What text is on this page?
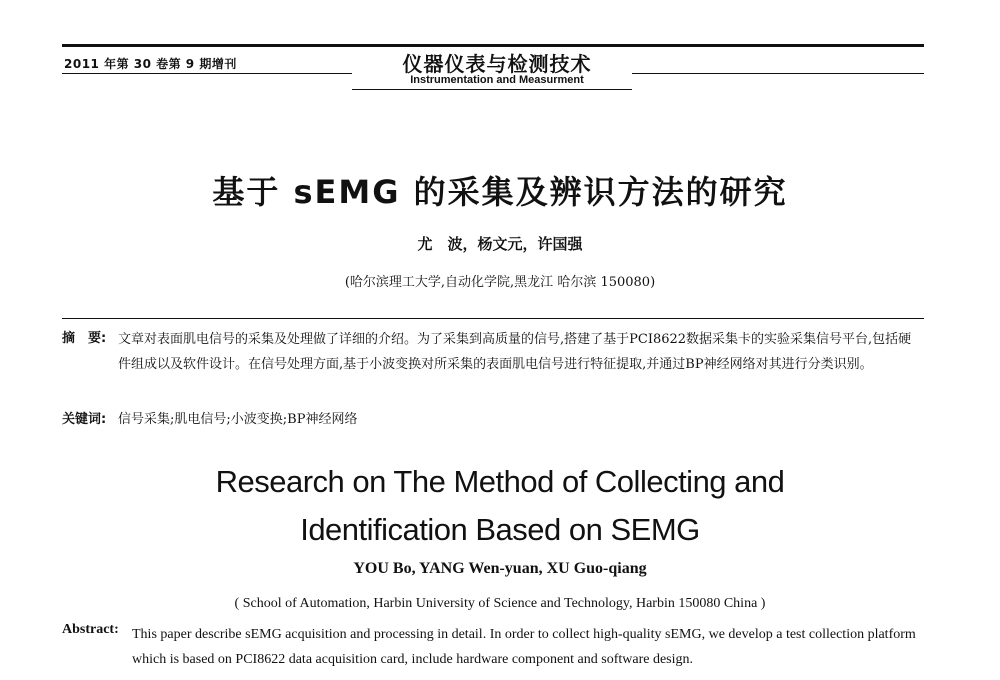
2011 年第 30 卷第 9 期增刊	仪器仪表与检测技术
Instrumentation and Measurment
基于 sEMG 的采集及辨识方法的研究
尤　波，杨文元，许国强
(哈尔滨理工大学,自动化学院,黑龙江 哈尔滨 150080)
摘　要: 文章对表面肌电信号的采集及处理做了详细的介绍。为了采集到高质量的信号,搭建了基于PCI8622数据采集卡的实验采集信号平台,包括硬件组成以及软件设计。在信号处理方面,基于小波变换对所采集的表面肌电信号进行特征提取,并通过BP神经网络对其进行分类识别。
关键词: 信号采集;肌电信号;小波变换;BP神经网络
Research on The Method of Collecting and
Identification Based on SEMG
YOU Bo, YANG Wen-yuan, XU Guo-qiang
( School of Automation, Harbin University of Science and Technology, Harbin 150080 China )
Abstract: This paper describe sEMG acquisition and processing in detail. In order to collect high-quality sEMG, we develop a test collection platform which is based on PCI8622 data acquisition card, include hardware component and software design.
